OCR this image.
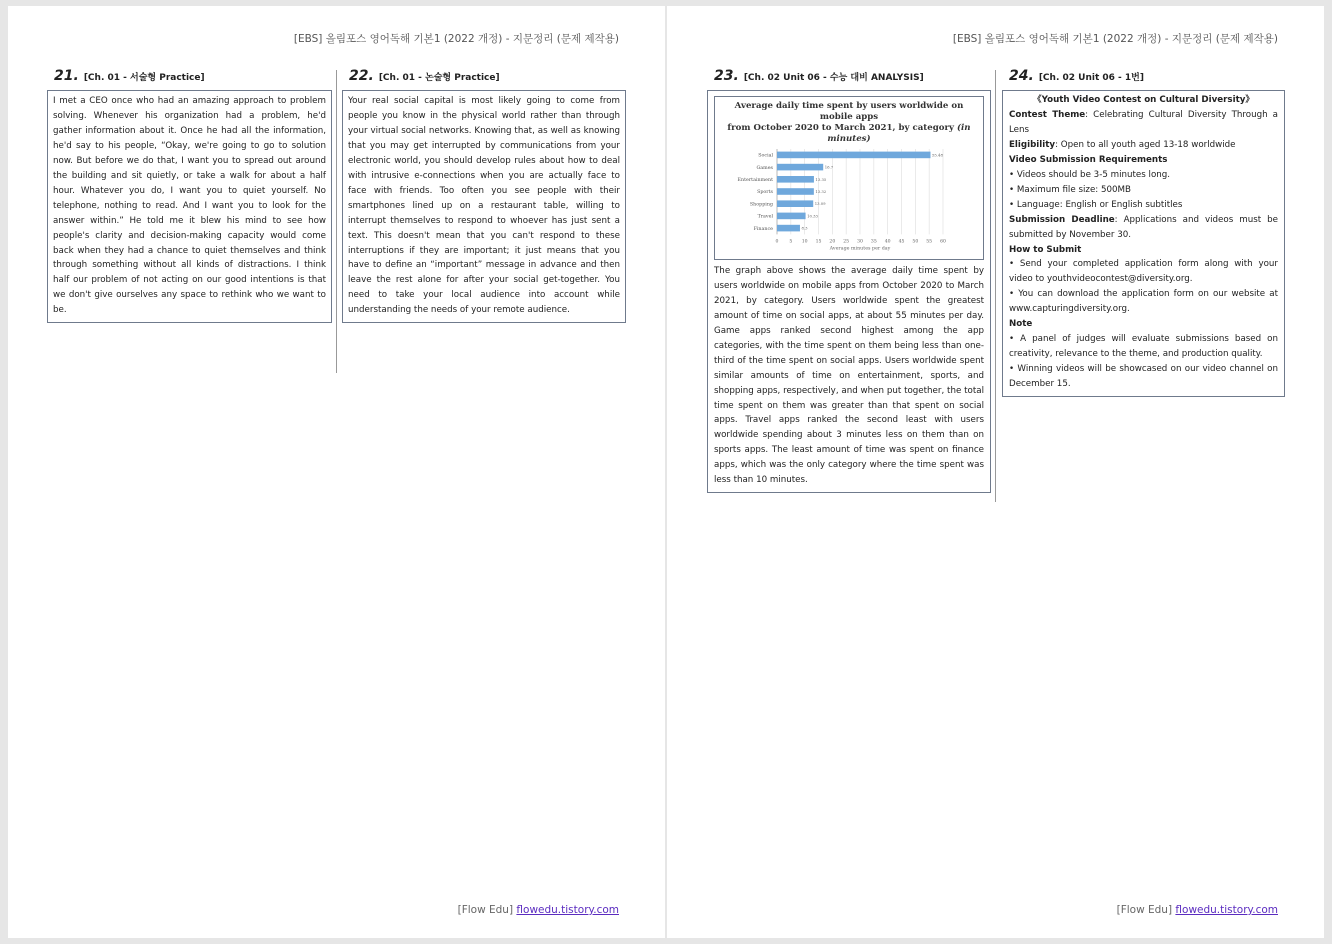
[EBS] 올림포스 영어독해 기본1 (2022 개정) - 지문정리 (문제 제작용)
21. [Ch. 01 - 서술형 Practice]
I met a CEO once who had an amazing approach to problem solving. Whenever his organization had a problem, he'd gather information about it. Once he had all the information, he'd say to his people, “Okay, we're going to go to solution now. But before we do that, I want you to spread out around the building and sit quietly, or take a walk for about a half hour. Whatever you do, I want you to quiet yourself. No telephone, nothing to read. And I want you to look for the answer within.” He told me it blew his mind to see how people's clarity and decision-making capacity would come back when they had a chance to quiet themselves and think through something without all kinds of distractions. I think half our problem of not acting on our good intentions is that we don't give ourselves any space to rethink who we want to be.
22. [Ch. 01 - 논술형 Practice]
Your real social capital is most likely going to come from people you know in the physical world rather than through your virtual social networks. Knowing that, as well as knowing that you may get interrupted by communications from your electronic world, you should develop rules about how to deal with intrusive e-connections when you are actually face to face with friends. Too often you see people with their smartphones lined up on a restaurant table, willing to interrupt themselves to respond to whoever has just sent a text. This doesn't mean that you can't respond to these interruptions if they are important; it just means that you have to define an “important” message in advance and then leave the rest alone for after your social get-together. You need to take your local audience into account while understanding the needs of your remote audience.
[Flow Edu] flowedu.tistory.com
[EBS] 올림포스 영어독해 기본1 (2022 개정) - 지문정리 (문제 제작용)
23. [Ch. 02 Unit 06 - 수능 대비 ANALYSIS]
Average daily time spent by users worldwide on mobile apps
from October 2020 to March 2021, by category (in minutes)
0 5 10 15 20 25 30 35 40 45 50 55 60
Social	55.48
Games	16.7
Entertainment	13.35
Sports	13.32
Shopping	13.09
Travel	10.33
Finance	8.3
Average minutes per day
The graph above shows the average daily time spent by users worldwide on mobile apps from October 2020 to March 2021, by category. Users worldwide spent the greatest amount of time on social apps, at about 55 minutes per day. Game apps ranked second highest among the app categories, with the time spent on them being less than one-third of the time spent on social apps. Users worldwide spent similar amounts of time on entertainment, sports, and shopping apps, respectively, and when put together, the total time spent on them was greater than that spent on social apps. Travel apps ranked the second least with users worldwide spending about 3 minutes less on them than on sports apps. The least amount of time was spent on finance apps, which was the only category where the time spent was less than 10 minutes.
24. [Ch. 02 Unit 06 - 1번]
《Youth Video Contest on Cultural Diversity》
Contest Theme: Celebrating Cultural Diversity Through a Lens
Eligibility: Open to all youth aged 13-18 worldwide
Video Submission Requirements
• Videos should be 3-5 minutes long.
• Maximum file size: 500MB
• Language: English or English subtitles
Submission Deadline: Applications and videos must be submitted by November 30.
How to Submit
• Send your completed application form along with your video to youthvideocontest@diversity.org.
• You can download the application form on our website at www.capturingdiversity.org.
Note
• A panel of judges will evaluate submissions based on creativity, relevance to the theme, and production quality.
• Winning videos will be showcased on our video channel on December 15.
[Flow Edu] flowedu.tistory.com
